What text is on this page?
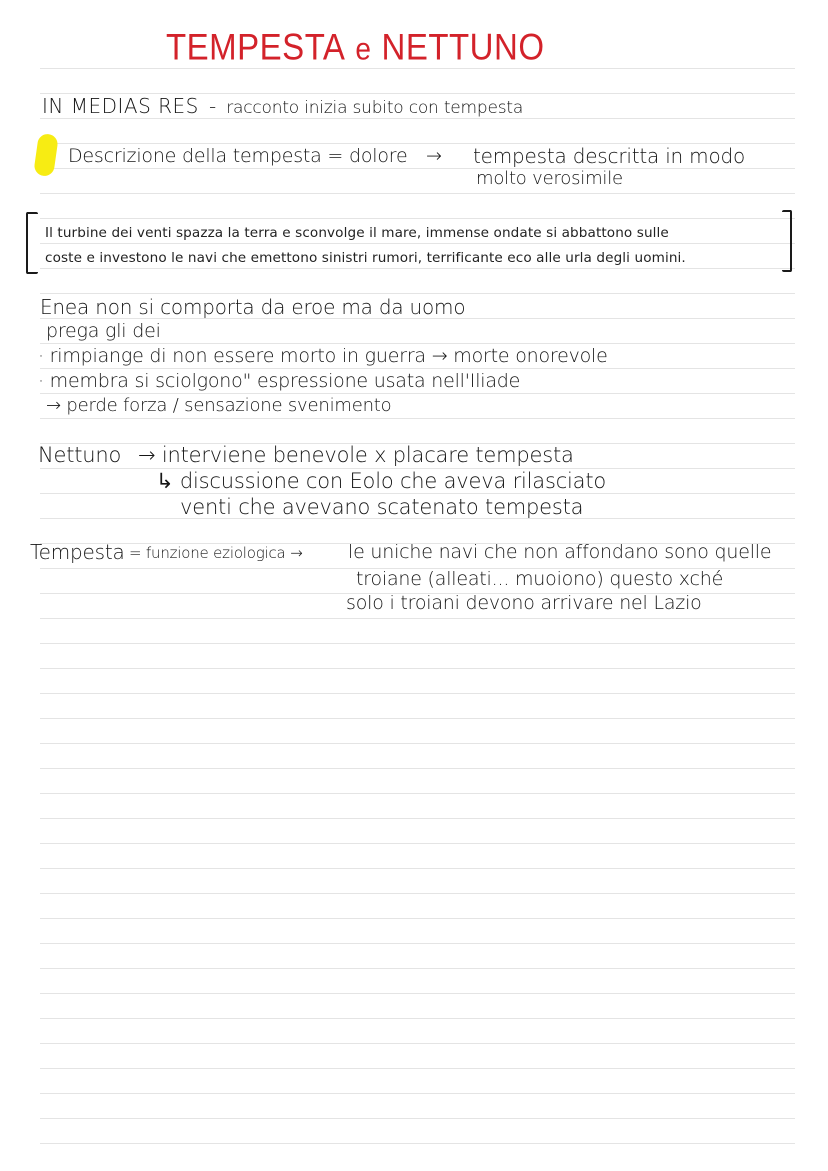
TEMPESTA e NETTUNO
IN MEDIAS RES - racconto inizia subito con tempesta
Descrizione della tempesta = dolore → tempesta descritta in modo
molto verosimile
Il turbine dei venti spazza la terra e sconvolge il mare, immense ondate si abbattono sulle
coste e investono le navi che emettono sinistri rumori, terrificante eco alle urla degli uomini.
Enea non si comporta da eroe ma da uomo
prega gli dei
· rimpiange di non essere morto in guerra → morte onorevole
· membra si sciolgono" espressione usata nell'Iliade
→ perde forza / sensazione svenimento
Nettuno → interviene benevole x placare tempesta
↳ discussione con Eolo che aveva rilasciato
venti che avevano scatenato tempesta
Tempesta = funzione eziologica → le uniche navi che non affondano sono quelle
troiane (alleati... muoiono) questo xché
solo i troiani devono arrivare nel Lazio
